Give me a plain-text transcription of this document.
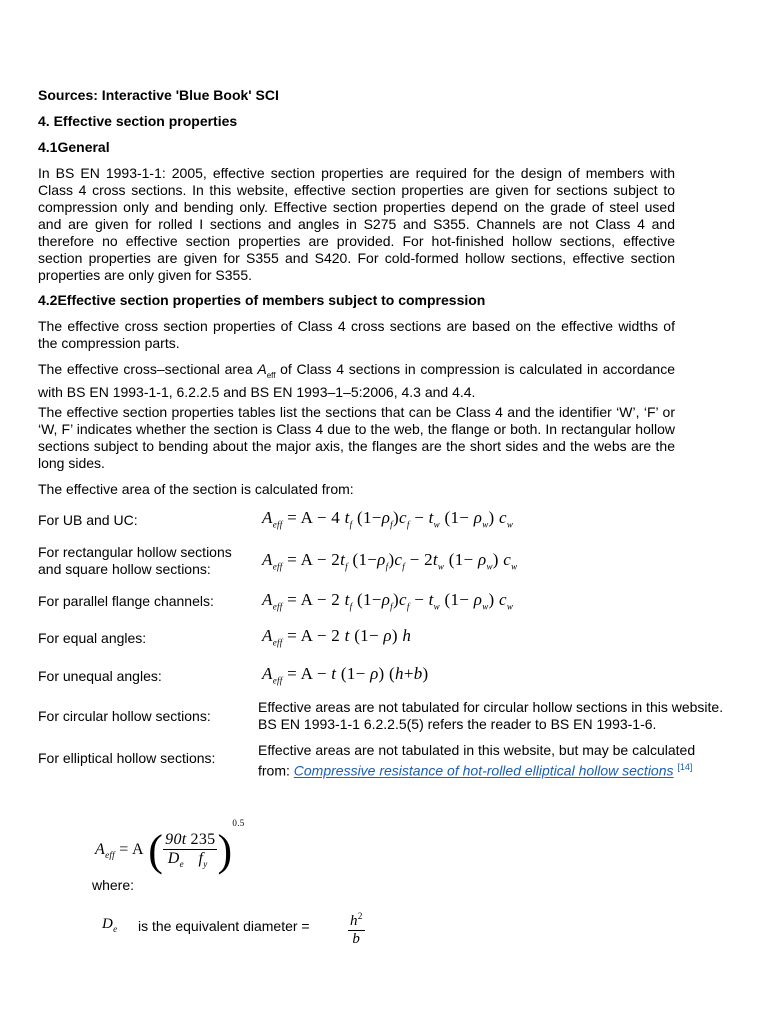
Sources: Interactive 'Blue Book' SCI

4. Effective section properties

4.1General

In BS EN 1993-1-1: 2005, effective section properties are required for the design of members with Class 4 cross sections. In this website, effective section properties are given for sections subject to compression only and bending only. Effective section properties depend on the grade of steel used and are given for rolled I sections and angles in S275 and S355. Channels are not Class 4 and therefore no effective section properties are provided. For hot-finished hollow sections, effective section properties are given for S355 and S420. For cold-formed hollow sections, effective section properties are only given for S355.

4.2Effective section properties of members subject to compression

The effective cross section properties of Class 4 cross sections are based on the effective widths of the compression parts.

The effective cross–sectional area $A_{eff}$ of Class 4 sections in compression is calculated in accordance with BS EN 1993-1-1, 6.2.2.5 and BS EN 1993–1–5:2006, 4.3 and 4.4.

The effective section properties tables list the sections that can be Class 4 and the identifier ‘W’, ‘F’ or ‘W, F’ indicates whether the section is Class 4 due to the web, the flange or both. In rectangular hollow sections subject to bending about the major axis, the flanges are the short sides and the webs are the long sides.

The effective area of the section is calculated from:

For UB and UC:	$A_{eff} = A - 4$ $t_f$ $(1-\rho_f)c_f - t_w$ $(1- \rho_w)$ $c_w$
For rectangular hollow sections and square hollow sections:	$A_{eff} = A - 2t_f$ $(1-\rho_f)c_f - 2t_w$ $(1- \rho_w)$ $c_w$
For parallel flange channels:	$A_{eff} = A - 2$ $t_f$ $(1-\rho_f)c_f - t_w$ $(1- \rho_w)$ $c_w$
For equal angles:	$A_{eff} = A - 2$ t (1− ρ) h
For unequal angles:	$A_{eff} = A - t$ (1− ρ) (h+b)
For circular hollow sections:
Effective areas are not tabulated for circular hollow sections in this website. BS EN 1993-1-1 6.2.2.5(5) refers the reader to BS EN 1993-1-6.
For elliptical hollow sections:	Effective areas are not tabulated in this website, but may be calculated from: Compressive resistance of hot-rolled elliptical hollow sections [14]
$A_{eff} = A$ ( $\frac{90t}{D_e} \frac{235}{f_y} )^{0.5}$
where:
$D_e$ is the equivalent diameter =	$\frac{h^2}{b}$
